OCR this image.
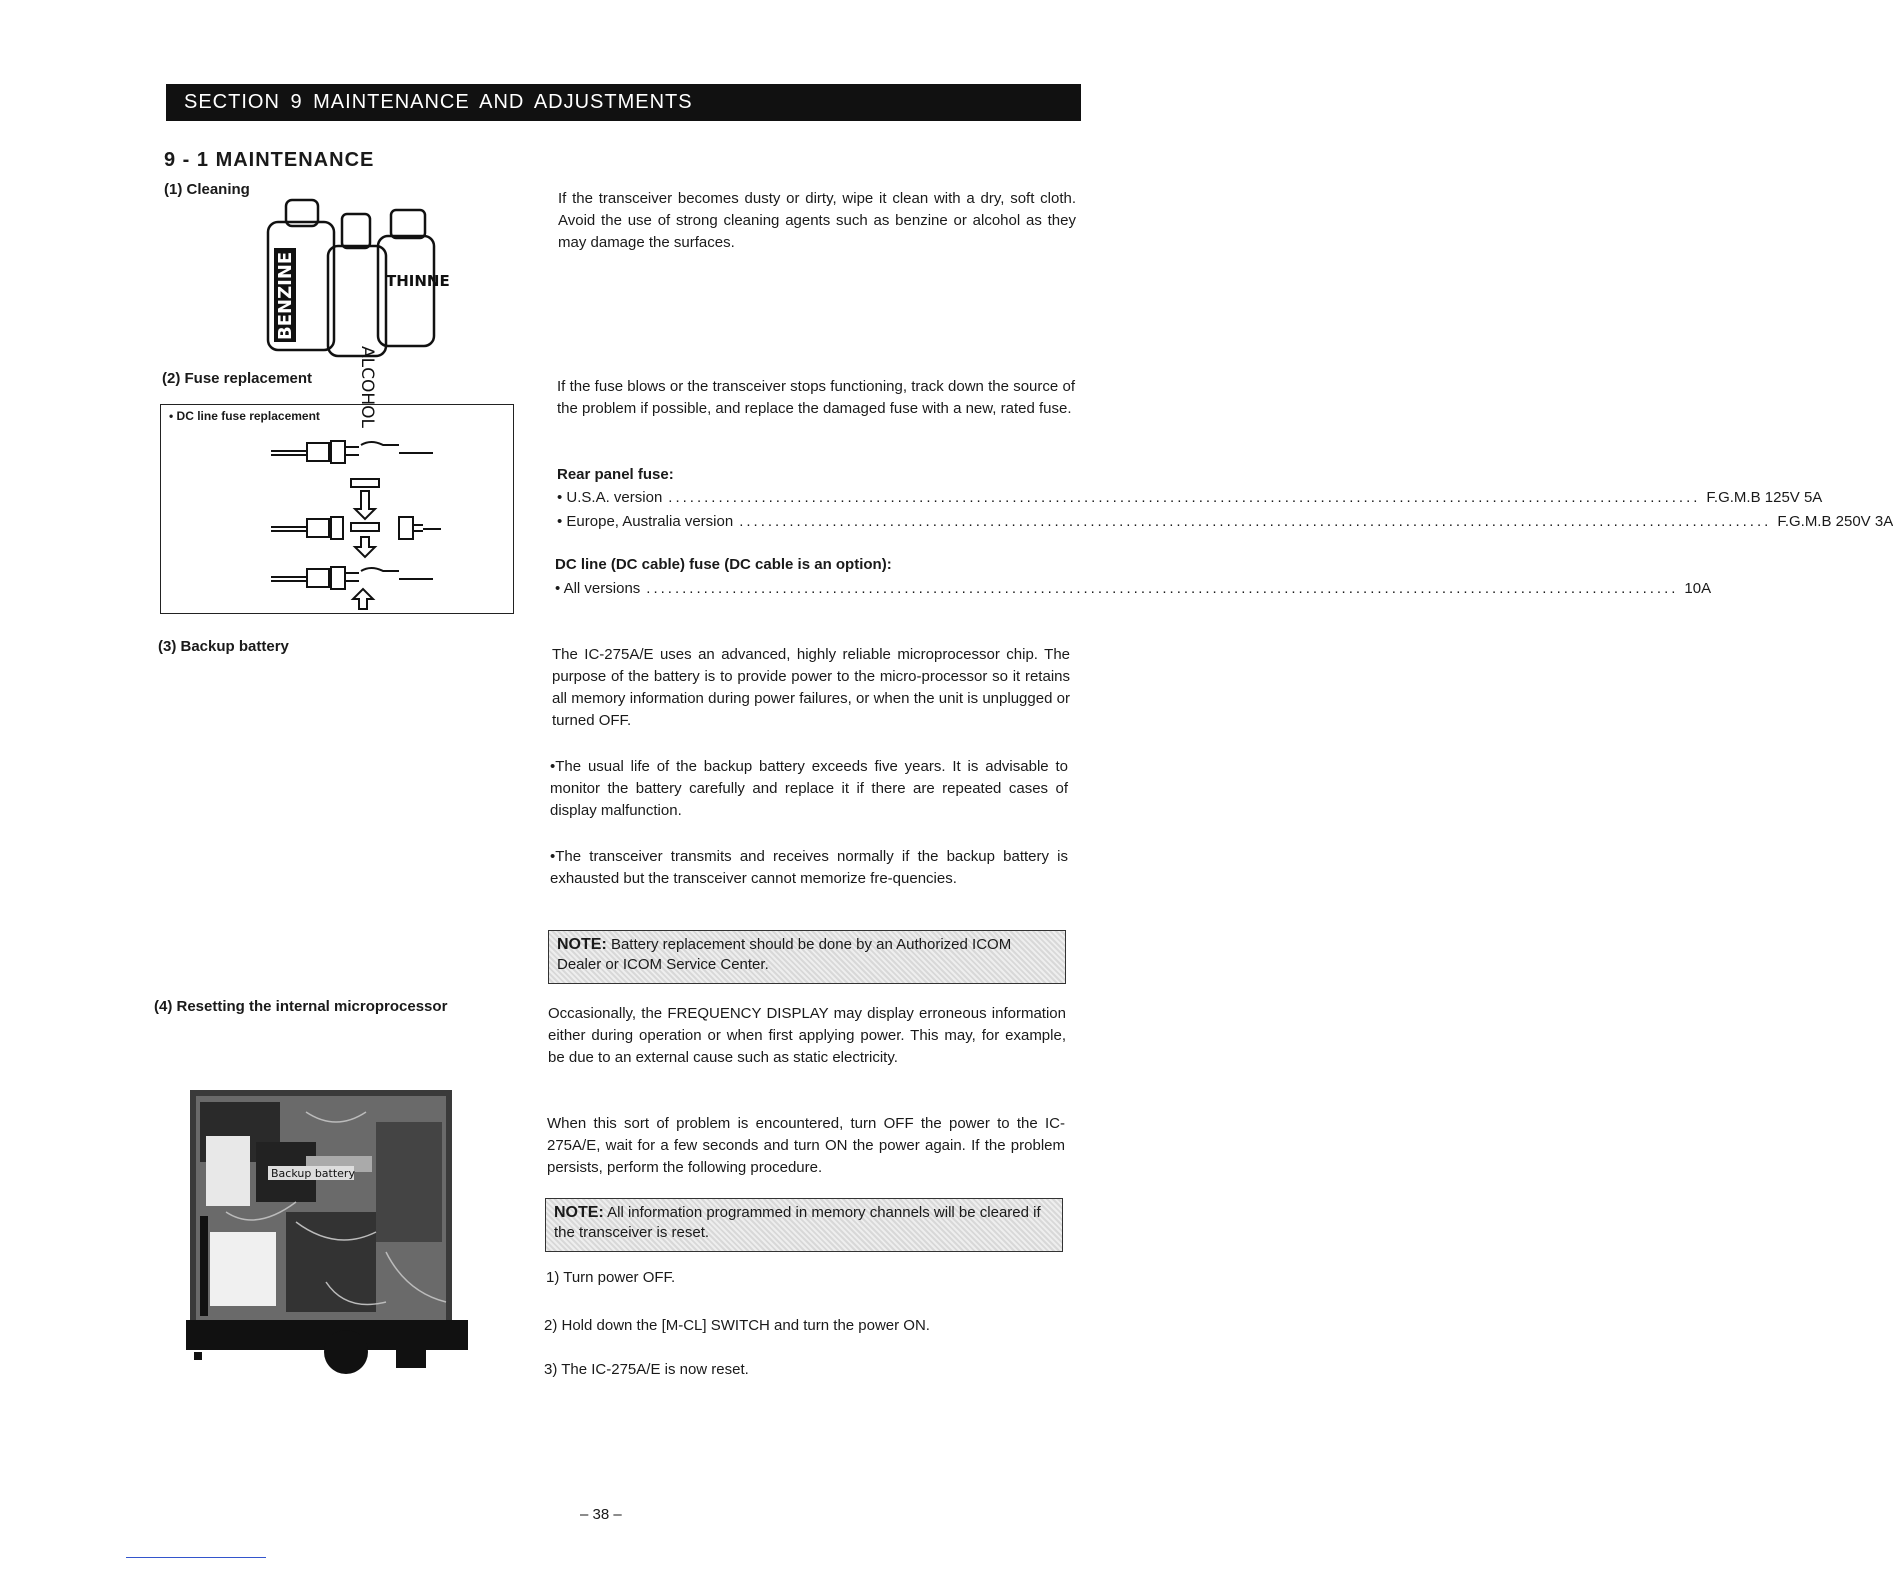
SECTION 9 MAINTENANCE AND ADJUSTMENTS
9 - 1 MAINTENANCE
(1) Cleaning
BENZINE
ALCOHOL
THINNE
If the transceiver becomes dusty or dirty, wipe it clean with a dry, soft cloth. Avoid the use of strong cleaning agents such as benzine or alcohol as they may damage the surfaces.
(2) Fuse replacement
• DC line fuse replacement
If the fuse blows or the transceiver stops functioning, track down the source of the problem if possible, and replace the damaged fuse with a new, rated fuse.
Rear panel fuse:
• U.S.A. version .....	F.G.M.B 125V 5A
• Europe, Australia version .....	F.G.M.B 250V 3A
DC line (DC cable) fuse (DC cable is an option):
• All versions .....	10A
(3) Backup battery	The IC-275A/E uses an advanced, highly reliable microprocessor chip. The purpose of the battery is to provide power to the micro-processor so it retains all memory information during power failures, or when the unit is unplugged or turned OFF.
•The usual life of the backup battery exceeds five years. It is advisable to monitor the battery carefully and replace it if there are repeated cases of display malfunction.
•The transceiver transmits and receives normally if the backup battery is exhausted but the transceiver cannot memorize fre-quencies.
NOTE: Battery replacement should be done by an Authorized ICOM Dealer or ICOM Service Center.
(4) Resetting the internal microprocessor	Occasionally, the FREQUENCY DISPLAY may display erroneous information either during operation or when first applying power. This may, for example, be due to an external cause such as static electricity.
When this sort of problem is encountered, turn OFF the power to the IC-275A/E, wait for a few seconds and turn ON the power again. If the problem persists, perform the following procedure.
NOTE: All information programmed in memory channels will be cleared if the transceiver is reset.
1) Turn power OFF.
2) Hold down the [M-CL] SWITCH and turn the power ON.
3) The IC-275A/E is now reset.
Backup battery
– 38 –
